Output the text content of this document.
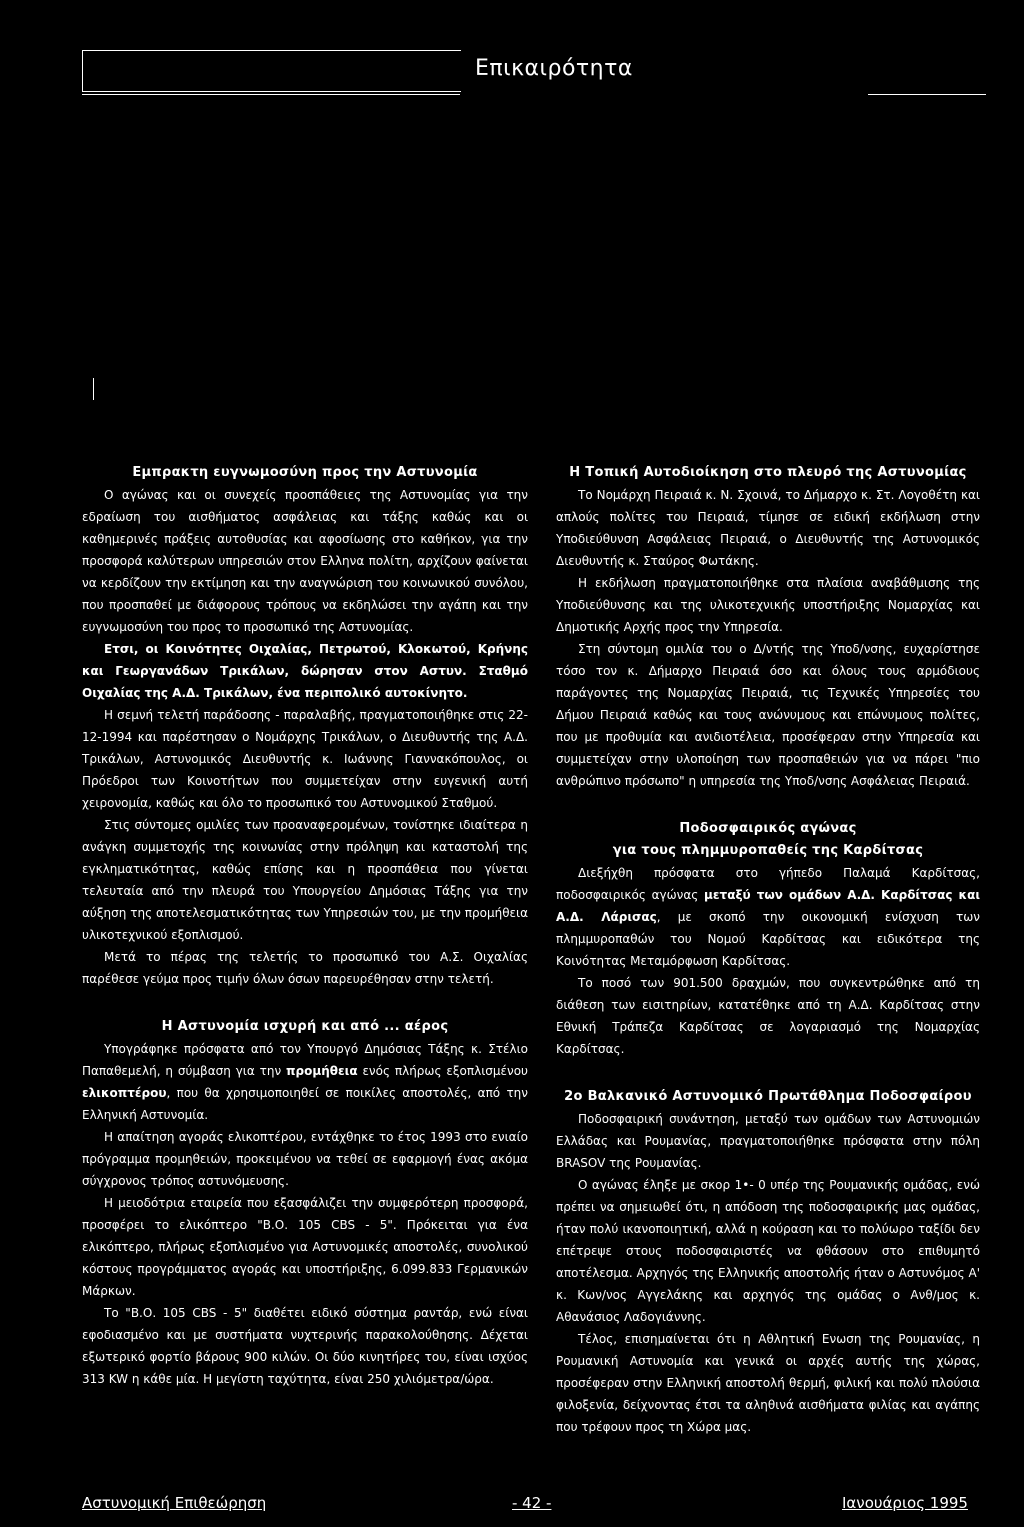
Επικαιρότητα
Εμπρακτη ευγνωμοσύνη προς την Αστυνομία

Ο αγώνας και οι συνεχείς προσπάθειες της Αστυνομίας για την εδραίωση του αισθήματος ασφάλειας και τάξης καθώς και οι καθημερινές πράξεις αυτοθυσίας και αφοσίωσης στο καθήκον, για την προσφορά καλύτερων υπηρεσιών στον Ελληνα πολίτη, αρχίζουν φαίνεται να κερδίζουν την εκτίμηση και την αναγνώριση του κοινωνικού συνόλου, που προσπαθεί με διάφορους τρόπους να εκδηλώσει την αγάπη και την ευγνωμοσύνη του προς το προσωπικό της Αστυνομίας.

Ετσι, οι Κοινότητες Οιχαλίας, Πετρωτού, Κλοκωτού, Κρήνης και Γεωργανάδων Τρικάλων, δώρησαν στον Αστυν. Σταθμό Οιχαλίας της Α.Δ. Τρικάλων, ένα περιπολικό αυτοκίνητο.

Η σεμνή τελετή παράδοσης - παραλαβής, πραγματοποιήθηκε στις 22-12-1994 και παρέστησαν ο Νομάρχης Τρικάλων, ο Διευθυντής της Α.Δ. Τρικάλων, Αστυνομικός Διευθυντής κ. Ιωάννης Γιαννακόπουλος, οι Πρόεδροι των Κοινοτήτων που συμμετείχαν στην ευγενική αυτή χειρονομία, καθώς και όλο το προσωπικό του Αστυνομικού Σταθμού.

Στις σύντομες ομιλίες των προαναφερομένων, τονίστηκε ιδιαίτερα η ανάγκη συμμετοχής της κοινωνίας στην πρόληψη και καταστολή της εγκληματικότητας, καθώς επίσης και η προσπάθεια που γίνεται τελευταία από την πλευρά του Υπουργείου Δημόσιας Τάξης για την αύξηση της αποτελεσματικότητας των Υπηρεσιών του, με την προμήθεια υλικοτεχνικού εξοπλισμού.

Μετά το πέρας της τελετής το προσωπικό του Α.Σ. Οιχαλίας παρέθεσε γεύμα προς τιμήν όλων όσων παρευρέθησαν στην τελετή.

Η Αστυνομία ισχυρή και από ... αέρος

Υπογράφηκε πρόσφατα από τον Υπουργό Δημόσιας Τάξης κ. Στέλιο Παπαθεμελή, η σύμβαση για την προμήθεια ενός πλήρως εξοπλισμένου ελικοπτέρου, που θα χρησιμοποιηθεί σε ποικίλες αποστολές, από την Ελληνική Αστυνομία.

Η απαίτηση αγοράς ελικοπτέρου, εντάχθηκε το έτος 1993 στο ενιαίο πρόγραμμα προμηθειών, προκειμένου να τεθεί σε εφαρμογή ένας ακόμα σύγχρονος τρόπος αστυνόμευσης.

Η μειοδότρια εταιρεία που εξασφάλιζει την συμφερότερη προσφορά, προσφέρει το ελικόπτερο "Β.Ο. 105 CBS - 5". Πρόκειται για ένα ελικόπτερο, πλήρως εξοπλισμένο για Αστυνομικές αποστολές, συνολικού κόστους προγράμματος αγοράς και υποστήριξης, 6.099.833 Γερμανικών Μάρκων.

Το "Β.Ο. 105 CBS - 5" διαθέτει ειδικό σύστημα ραντάρ, ενώ είναι εφοδιασμένο και με συστήματα νυχτερινής παρακολούθησης. Δέχεται εξωτερικό φορτίο βάρους 900 κιλών. Οι δύο κινητήρες του, είναι ισχύος 313 KW η κάθε μία. Η μεγίστη ταχύτητα, είναι 250 χιλιόμετρα/ώρα.

Η Τοπική Αυτοδιοίκηση στο πλευρό της Αστυνομίας

Το Νομάρχη Πειραιά κ. Ν. Σχοινά, το Δήμαρχο κ. Στ. Λογοθέτη και απλούς πολίτες του Πειραιά, τίμησε σε ειδική εκδήλωση στην Υποδιεύθυνση Ασφάλειας Πειραιά, ο Διευθυντής της Αστυνομικός Διευθυντής κ. Σταύρος Φωτάκης.

Η εκδήλωση πραγματοποιήθηκε στα πλαίσια αναβάθμισης της Υποδιεύθυνσης και της υλικοτεχνικής υποστήριξης Νομαρχίας και Δημοτικής Αρχής προς την Υπηρεσία.

Στη σύντομη ομιλία του ο Δ/ντής της Υποδ/νσης, ευχαρίστησε τόσο τον κ. Δήμαρχο Πειραιά όσο και όλους τους αρμόδιους παράγοντες της Νομαρχίας Πειραιά, τις Τεχνικές Υπηρεσίες του Δήμου Πειραιά καθώς και τους ανώνυμους και επώνυμους πολίτες, που με προθυμία και ανιδιοτέλεια, προσέφεραν στην Υπηρεσία και συμμετείχαν στην υλοποίηση των προσπαθειών για να πάρει "πιο ανθρώπινο πρόσωπο" η υπηρεσία της Υποδ/νσης Ασφάλειας Πειραιά.

Ποδοσφαιρικός αγώνας
για τους πλημμυροπαθείς της Καρδίτσας

Διεξήχθη πρόσφατα στο γήπεδο Παλαμά Καρδίτσας, ποδοσφαιρικός αγώνας μεταξύ των ομάδων Α.Δ. Καρδίτσας και Α.Δ. Λάρισας, με σκοπό την οικονομική ενίσχυση των πλημμυροπαθών του Νομού Καρδίτσας και ειδικότερα της Κοινότητας Μεταμόρφωση Καρδίτσας.

Το ποσό των 901.500 δραχμών, που συγκεντρώθηκε από τη διάθεση των εισιτηρίων, κατατέθηκε από τη Α.Δ. Καρδίτσας στην Εθνική Τράπεζα Καρδίτσας σε λογαριασμό της Νομαρχίας Καρδίτσας.

2ο Βαλκανικό Αστυνομικό Πρωτάθλημα Ποδοσφαίρου

Ποδοσφαιρική συνάντηση, μεταξύ των ομάδων των Αστυνομιών Ελλάδας και Ρουμανίας, πραγματοποιήθηκε πρόσφατα στην πόλη BRASOV της Ρουμανίας.

Ο αγώνας έληξε με σκορ 1•- 0 υπέρ της Ρουμανικής ομάδας, ενώ πρέπει να σημειωθεί ότι, η απόδοση της ποδοσφαιρικής μας ομάδας, ήταν πολύ ικανοποιητική, αλλά η κούραση και το πολύωρο ταξίδι δεν επέτρεψε στους ποδοσφαιριστές να φθάσουν στο επιθυμητό αποτέλεσμα. Αρχηγός της Ελληνικής αποστολής ήταν ο Αστυνόμος Α' κ. Κων/νος Αγγελάκης και αρχηγός της ομάδας ο Ανθ/μος κ. Αθανάσιος Λαδογιάννης.

Τέλος, επισημαίνεται ότι η Αθλητική Ενωση της Ρουμανίας, η Ρουμανική Αστυνομία και γενικά οι αρχές αυτής της χώρας, προσέφεραν στην Ελληνική αποστολή θερμή, φιλική και πολύ πλούσια φιλοξενία, δείχνοντας έτσι τα αληθινά αισθήματα φιλίας και αγάπης που τρέφουν προς τη Χώρα μας.

Αστυνομική Επιθεώρηση	- 42 -	Ιανουάριος 1995
